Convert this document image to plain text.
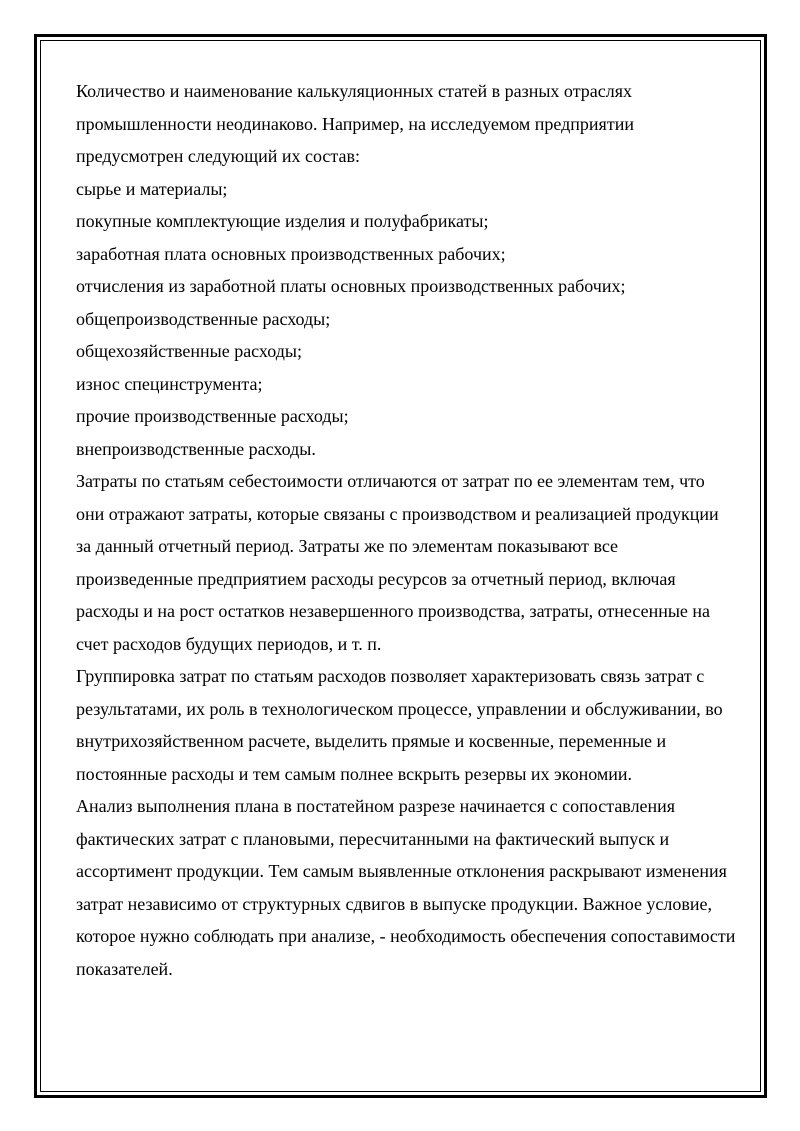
Количество и наименование калькуляционных статей в разных отраслях промышленности неодинаково. Например, на исследуемом предприятии предусмотрен следующий их состав:

сырье и материалы;

покупные комплектующие изделия и полуфабрикаты;

заработная плата основных производственных рабочих;

отчисления из заработной платы основных производственных рабочих;

общепроизводственные расходы;

общехозяйственные расходы;

износ специнструмента;

прочие производственные расходы;

внепроизводственные расходы.

Затраты по статьям себестоимости отличаются от затрат по ее элементам тем, что они отражают затраты, которые связаны с производством и реализацией продукции за данный отчетный период. Затраты же по элементам показывают все произведенные предприятием расходы ресурсов за отчетный период, включая расходы и на рост остатков незавершенного производства, затраты, отнесенные на счет расходов будущих периодов, и т. п.

Группировка затрат по статьям расходов позволяет характеризовать связь затрат с результатами, их роль в технологическом процессе, управлении и обслуживании, во внутрихозяйственном расчете, выделить прямые и косвенные, переменные и постоянные расходы и тем самым полнее вскрыть резервы их экономии.

Анализ выполнения плана в постатейном разрезе начинается с сопоставления фактических затрат с плановыми, пересчитанными на фактический выпуск и ассортимент продукции. Тем самым выявленные отклонения раскрывают изменения затрат независимо от структурных сдвигов в выпуске продукции. Важное условие, которое нужно соблюдать при анализе, - необходимость обеспечения сопоставимости показателей.
